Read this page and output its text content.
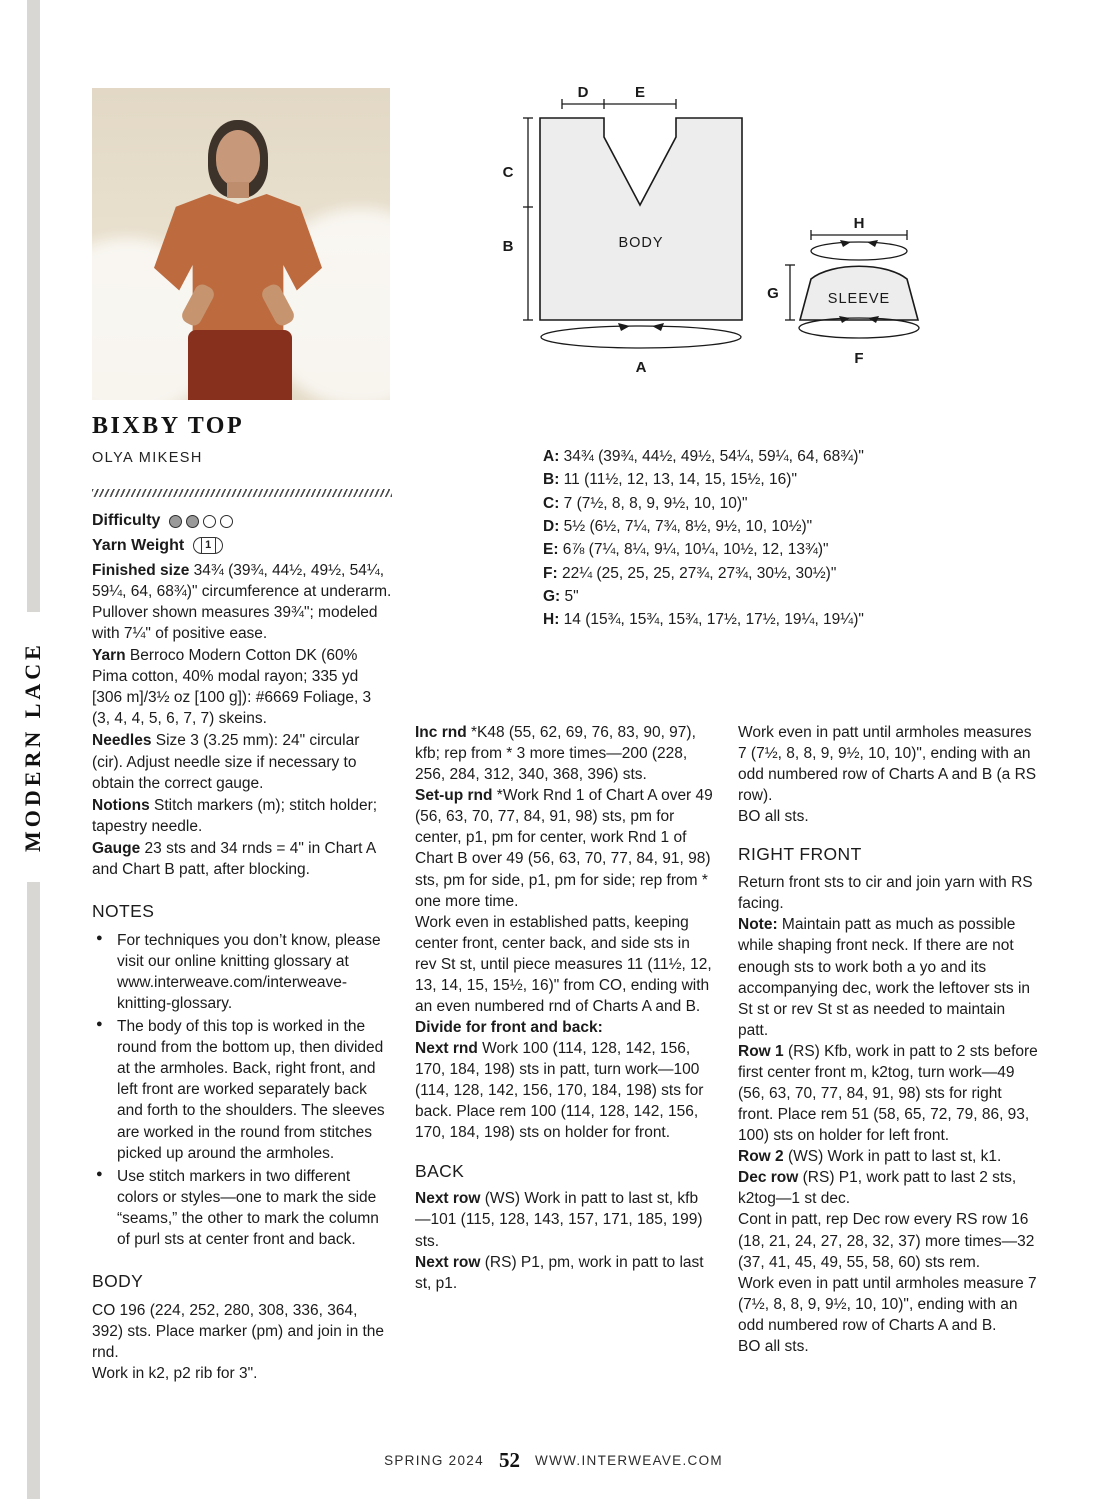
MODERN LACE
BODY
D	E
C
B
A
SLEEVE
H
G
F
A: 34¾ (39¾, 44½, 49½, 54¼, 59¼, 64, 68¾)"
B: 11 (11½, 12, 13, 14, 15, 15½, 16)"
C: 7 (7½, 8, 8, 9, 9½, 10, 10)"
D: 5½ (6½, 7¼, 7¾, 8½, 9½, 10, 10½)"
E: 6⅞ (7¼, 8¼, 9¼, 10¼, 10½, 12, 13¾)"
F: 22¼ (25, 25, 25, 27¾, 27¾, 30½, 30½)"
G: 5"
H: 14 (15¾, 15¾, 15¾, 17½, 17½, 19¼, 19¼)"
BIXBY TOP
OLYA MIKESH
Difficulty
Yarn Weight	1

Finished size 34¾ (39¾, 44½, 49½, 54¼, 59¼, 64, 68¾)" circumference at underarm. Pullover shown measures 39¾"; modeled with 7¼" of positive ease.

Yarn Berroco Modern Cotton DK (60% Pima cotton, 40% modal rayon; 335 yd [306 m]/3½ oz [100 g]): #6669 Foliage, 3 (3, 4, 4, 5, 6, 7, 7) skeins.

Needles Size 3 (3.25 mm): 24" circular (cir). Adjust needle size if necessary to obtain the correct gauge.

Notions Stitch markers (m); stitch holder; tapestry needle.

Gauge 23 sts and 34 rnds = 4" in Chart A and Chart B patt, after blocking.

NOTES
● For techniques you don’t know, please visit our online knitting glossary at www.interweave.com/interweave-knitting-glossary.
● The body of this top is worked in the round from the bottom up, then divided at the armholes. Back, right front, and left front are worked separately back and forth to the shoulders. The sleeves are worked in the round from stitches picked up around the armholes.
● Use stitch markers in two different colors or styles—one to mark the side “seams,” the other to mark the column of purl sts at center front and back.
BODY

CO 196 (224, 252, 280, 308, 336, 364, 392) sts. Place marker (pm) and join in the rnd.

Work in k2, p2 rib for 3".

Inc rnd *K48 (55, 62, 69, 76, 83, 90, 97), kfb; rep from * 3 more times—200 (228, 256, 284, 312, 340, 368, 396) sts.

Set-up rnd *Work Rnd 1 of Chart A over 49 (56, 63, 70, 77, 84, 91, 98) sts, pm for center, p1, pm for center, work Rnd 1 of Chart B over 49 (56, 63, 70, 77, 84, 91, 98) sts, pm for side, p1, pm for side; rep from * one more time.

Work even in established patts, keeping center front, center back, and side sts in rev St st, until piece measures 11 (11½, 12, 13, 14, 15, 15½, 16)" from CO, ending with an even numbered rnd of Charts A and B.

Divide for front and back:

Next rnd Work 100 (114, 128, 142, 156, 170, 184, 198) sts in patt, turn work—100 (114, 128, 142, 156, 170, 184, 198) sts for back. Place rem 100 (114, 128, 142, 156, 170, 184, 198) sts on holder for front.

BACK

Next row (WS) Work in patt to last st, kfb—101 (115, 128, 143, 157, 171, 185, 199) sts.

Next row (RS) P1, pm, work in patt to last st, p1.

Work even in patt until armholes measures 7 (7½, 8, 8, 9, 9½, 10, 10)", ending with an odd numbered row of Charts A and B (a RS row).

BO all sts.

RIGHT FRONT

Return front sts to cir and join yarn with RS facing.

Note: Maintain patt as much as possible while shaping front neck. If there are not enough sts to work both a yo and its accompanying dec, work the leftover sts in St st or rev St st as needed to maintain patt.

Row 1 (RS) Kfb, work in patt to 2 sts before first center front m, k2tog, turn work—49 (56, 63, 70, 77, 84, 91, 98) sts for right front. Place rem 51 (58, 65, 72, 79, 86, 93, 100) sts on holder for left front.

Row 2 (WS) Work in patt to last st, k1.

Dec row (RS) P1, work patt to last 2 sts, k2tog—1 st dec.

Cont in patt, rep Dec row every RS row 16 (18, 21, 24, 27, 28, 32, 37) more times—32 (37, 41, 45, 49, 55, 58, 60) sts rem.

Work even in patt until armholes measure 7 (7½, 8, 8, 9, 9½, 10, 10)", ending with an odd numbered row of Charts A and B.

BO all sts.

SPRING 2024 52 WWW.INTERWEAVE.COM
